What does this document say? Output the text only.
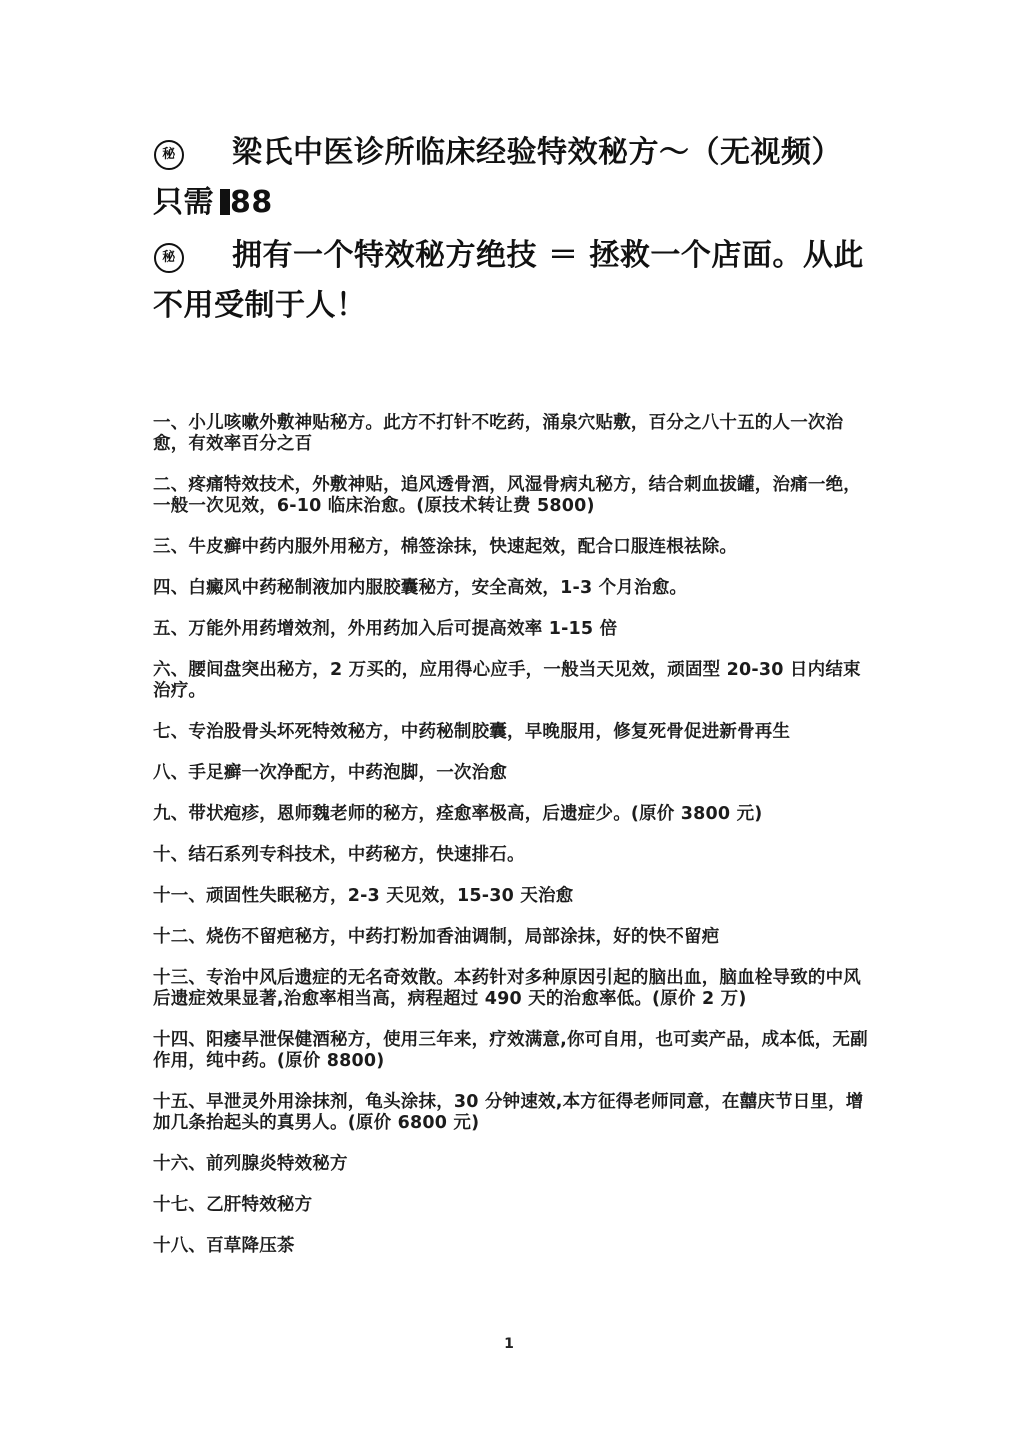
秘 梁氏中医诊所临床经验特效秘方～（无视频）只需 88

秘 拥有一个特效秘方绝技 ＝ 拯救一个店面。从此不用受制于人！

一、小儿咳嗽外敷神贴秘方。此方不打针不吃药，涌泉穴贴敷，百分之八十五的人一次治愈，有效率百分之百

二、疼痛特效技术，外敷神贴，追风透骨酒，风湿骨病丸秘方，结合刺血拔罐，治痛一绝，一般一次见效，6-10 临床治愈。(原技术转让费 5800)

三、牛皮癣中药内服外用秘方，棉签涂抹，快速起效，配合口服连根祛除。

四、白癜风中药秘制液加内服胶囊秘方，安全高效，1-3 个月治愈。

五、万能外用药增效剂，外用药加入后可提高效率 1-15 倍

六、腰间盘突出秘方，2 万买的，应用得心应手，一般当天见效，顽固型 20-30 日内结束治疗。

七、专治股骨头坏死特效秘方，中药秘制胶囊，早晚服用，修复死骨促进新骨再生

八、手足癣一次净配方，中药泡脚，一次治愈

九、带状疱疹，恩师魏老师的秘方，痊愈率极高，后遗症少。(原价 3800 元)

十、结石系列专科技术，中药秘方，快速排石。

十一、顽固性失眠秘方，2-3 天见效，15-30 天治愈

十二、烧伤不留疤秘方，中药打粉加香油调制，局部涂抹，好的快不留疤

十三、专治中风后遗症的无名奇效散。本药针对多种原因引起的脑出血，脑血栓导致的中风后遗症效果显著,治愈率相当高，病程超过 490 天的治愈率低。(原价 2 万)

十四、阳痿早泄保健酒秘方，使用三年来，疗效满意,你可自用，也可卖产品，成本低，无副作用，纯中药。(原价 8800)

十五、早泄灵外用涂抹剂，龟头涂抹，30 分钟速效,本方征得老师同意，在囍庆节日里，增加几条抬起头的真男人。(原价 6800 元)

十六、前列腺炎特效秘方

十七、乙肝特效秘方

十八、百草降压茶

1
